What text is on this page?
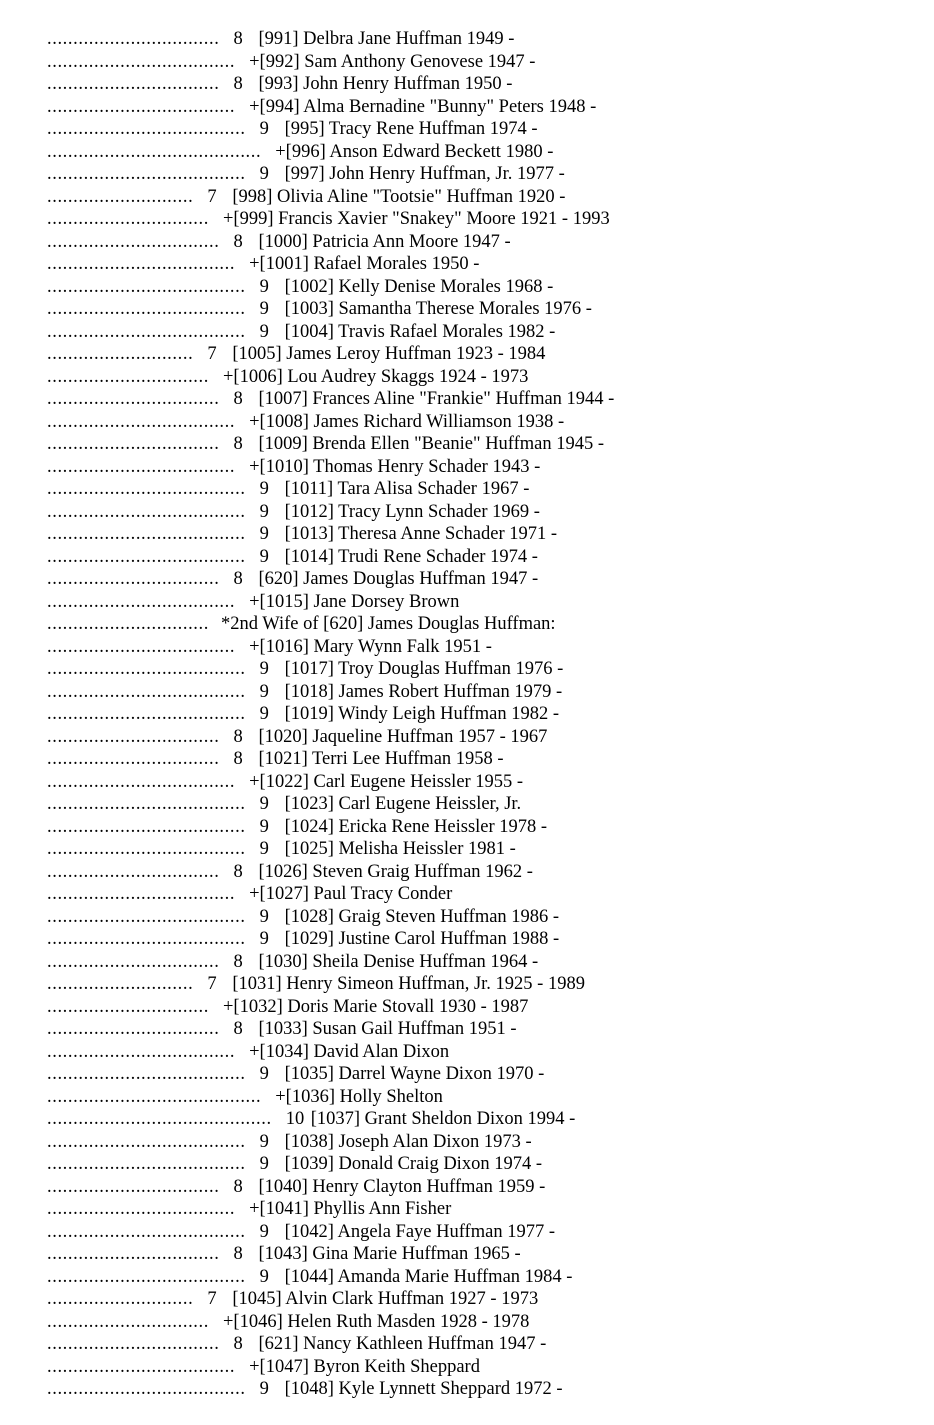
................................. 8 [991] Delbra Jane Huffman 1949 -
.................................... +[992] Sam Anthony Genovese 1947 -
................................. 8 [993] John Henry Huffman 1950 -
.................................... +[994] Alma Bernadine "Bunny" Peters 1948 -
...................................... 9 [995] Tracy Rene Huffman 1974 -
......................................... +[996] Anson Edward Beckett 1980 -
...................................... 9 [997] John Henry Huffman, Jr. 1977 -
............................ 7 [998] Olivia Aline "Tootsie" Huffman 1920 -
............................... +[999] Francis Xavier "Snakey" Moore 1921 - 1993
................................. 8 [1000] Patricia Ann Moore 1947 -
.................................... +[1001] Rafael Morales 1950 -
...................................... 9 [1002] Kelly Denise Morales 1968 -
...................................... 9 [1003] Samantha Therese Morales 1976 -
...................................... 9 [1004] Travis Rafael Morales 1982 -
............................ 7 [1005] James Leroy Huffman 1923 - 1984
............................... +[1006] Lou Audrey Skaggs 1924 - 1973
................................. 8 [1007] Frances Aline "Frankie" Huffman 1944 -
.................................... +[1008] James Richard Williamson 1938 -
................................. 8 [1009] Brenda Ellen "Beanie" Huffman 1945 -
.................................... +[1010] Thomas Henry Schader 1943 -
...................................... 9 [1011] Tara Alisa Schader 1967 -
...................................... 9 [1012] Tracy Lynn Schader 1969 -
...................................... 9 [1013] Theresa Anne Schader 1971 -
...................................... 9 [1014] Trudi Rene Schader 1974 -
................................. 8 [620] James Douglas Huffman 1947 -
.................................... +[1015] Jane Dorsey Brown
............................... *2nd Wife of [620] James Douglas Huffman:
.................................... +[1016] Mary Wynn Falk 1951 -
...................................... 9 [1017] Troy Douglas Huffman 1976 -
...................................... 9 [1018] James Robert Huffman 1979 -
...................................... 9 [1019] Windy Leigh Huffman 1982 -
................................. 8 [1020] Jaqueline Huffman 1957 - 1967
................................. 8 [1021] Terri Lee Huffman 1958 -
.................................... +[1022] Carl Eugene Heissler 1955 -
...................................... 9 [1023] Carl Eugene Heissler, Jr.
...................................... 9 [1024] Ericka Rene Heissler 1978 -
...................................... 9 [1025] Melisha Heissler 1981 -
................................. 8 [1026] Steven Graig Huffman 1962 -
.................................... +[1027] Paul Tracy Conder
...................................... 9 [1028] Graig Steven Huffman 1986 -
...................................... 9 [1029] Justine Carol Huffman 1988 -
................................. 8 [1030] Sheila Denise Huffman 1964 -
............................ 7 [1031] Henry Simeon Huffman, Jr. 1925 - 1989
............................... +[1032] Doris Marie Stovall 1930 - 1987
................................. 8 [1033] Susan Gail Huffman 1951 -
.................................... +[1034] David Alan Dixon
...................................... 9 [1035] Darrel Wayne Dixon 1970 -
......................................... +[1036] Holly Shelton
........................................... 10 [1037] Grant Sheldon Dixon 1994 -
...................................... 9 [1038] Joseph Alan Dixon 1973 -
...................................... 9 [1039] Donald Craig Dixon 1974 -
................................. 8 [1040] Henry Clayton Huffman 1959 -
.................................... +[1041] Phyllis Ann Fisher
...................................... 9 [1042] Angela Faye Huffman 1977 -
................................. 8 [1043] Gina Marie Huffman 1965 -
...................................... 9 [1044] Amanda Marie Huffman 1984 -
............................ 7 [1045] Alvin Clark Huffman 1927 - 1973
............................... +[1046] Helen Ruth Masden 1928 - 1978
................................. 8 [621] Nancy Kathleen Huffman 1947 -
.................................... +[1047] Byron Keith Sheppard
...................................... 9 [1048] Kyle Lynnett Sheppard 1972 -
